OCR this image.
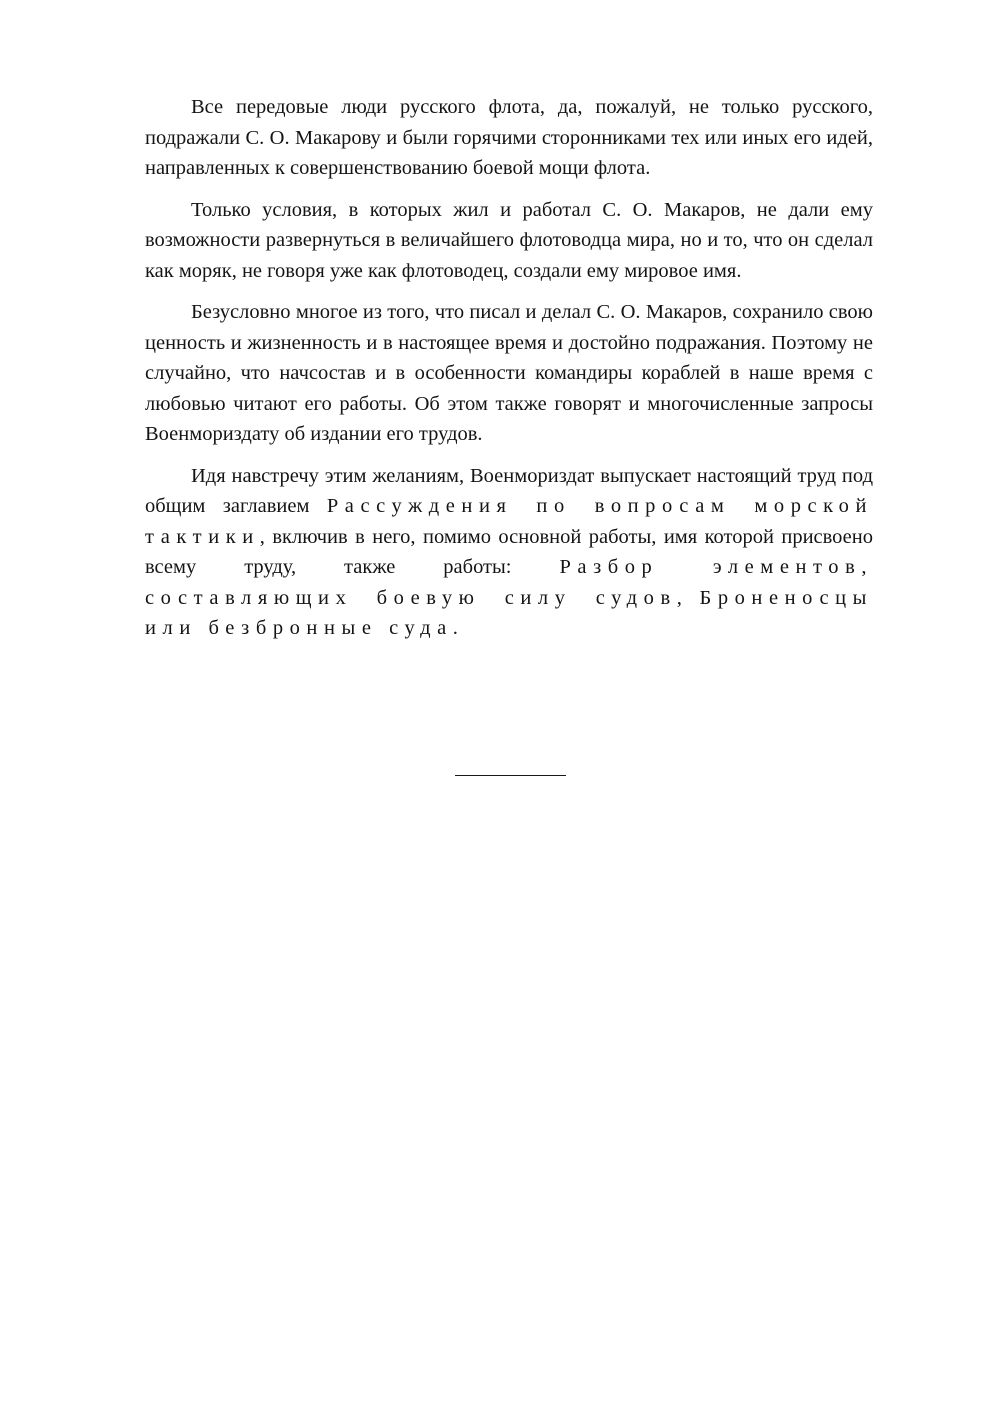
Все передовые люди русского флота, да, пожалуй, не только русского, подражали С. О. Макарову и были горячими сторонниками тех или иных его идей, направленных к совершенствованию боевой мощи флота.

Только условия, в которых жил и работал С. О. Макаров, не дали ему возможности развернуться в величайшего флотоводца мира, но и то, что он сделал как моряк, не говоря уже как флотоводец, создали ему мировое имя.

Безусловно многое из того, что писал и делал С. О. Макаров, сохранило свою ценность и жизненность и в настоящее время и достойно подражания. Поэтому не случайно, что начсостав и в особенности командиры кораблей в наше время с любовью читают его работы. Об этом также говорят и многочисленные запросы Военмориздату об издании его трудов.

Идя навстречу этим желаниям, Военмориздат выпускает настоящий труд под общим заглавием Рассуждения по вопросам морской тактики, включив в него, помимо основной работы, имя которой присвоено всему труду, также работы: Разбор элементов, составляющих боевую силу судов, Броненосцы или безбронные суда.
